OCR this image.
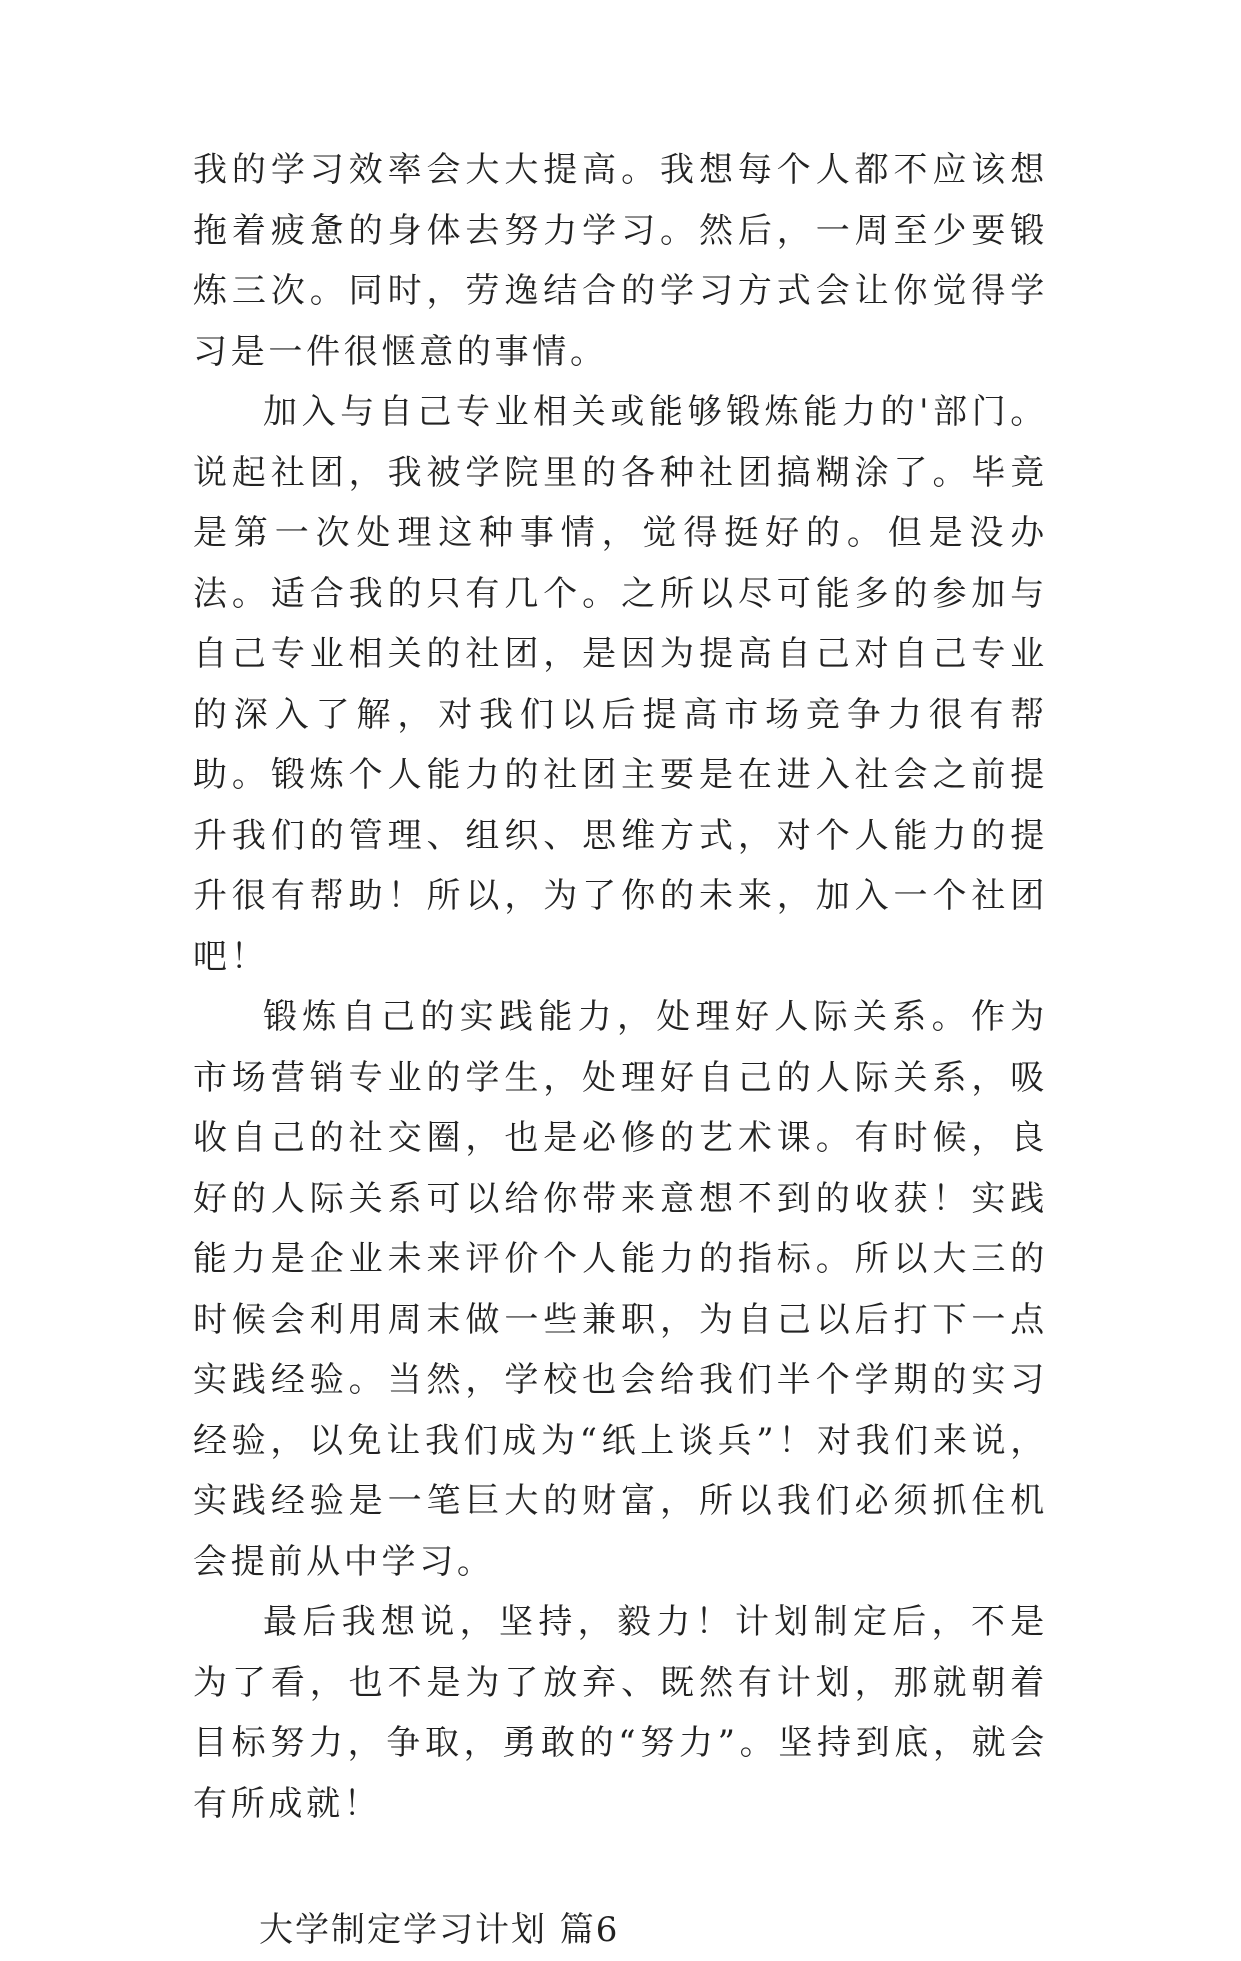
我的学习效率会大大提高。我想每个人都不应该想拖着疲惫的身体去努力学习。然后，一周至少要锻炼三次。同时，劳逸结合的学习方式会让你觉得学习是一件很惬意的事情。

加入与自己专业相关或能够锻炼能力的'部门。说起社团，我被学院里的各种社团搞糊涂了。毕竟是第一次处理这种事情，觉得挺好的。但是没办法。适合我的只有几个。之所以尽可能多的参加与自己专业相关的社团，是因为提高自己对自己专业的深入了解，对我们以后提高市场竞争力很有帮助。锻炼个人能力的社团主要是在进入社会之前提升我们的管理、组织、思维方式，对个人能力的提升很有帮助！所以，为了你的未来，加入一个社团吧！

锻炼自己的实践能力，处理好人际关系。作为市场营销专业的学生，处理好自己的人际关系，吸收自己的社交圈，也是必修的艺术课。有时候，良好的人际关系可以给你带来意想不到的收获！实践能力是企业未来评价个人能力的指标。所以大三的时候会利用周末做一些兼职，为自己以后打下一点实践经验。当然，学校也会给我们半个学期的实习经验，以免让我们成为“纸上谈兵”！对我们来说，实践经验是一笔巨大的财富，所以我们必须抓住机会提前从中学习。

最后我想说，坚持，毅力！计划制定后，不是为了看，也不是为了放弃、既然有计划，那就朝着目标努力，争取，勇敢的“努力”。坚持到底，就会有所成就！

大学制定学习计划 篇6
